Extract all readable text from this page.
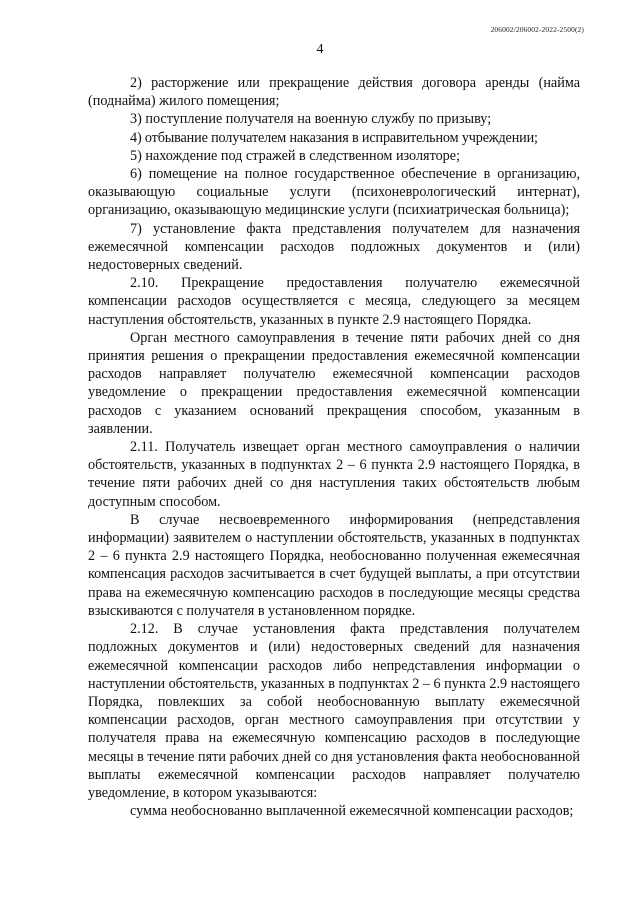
206002/206002-2022-2500(2)
4

2) расторжение или прекращение действия договора аренды (найма (поднайма) жилого помещения;

3) поступление получателя на военную службу по призыву;

4) отбывание получателем наказания в исправительном учреждении;

5) нахождение под стражей в следственном изоляторе;

6) помещение на полное государственное обеспечение в организацию, оказывающую социальные услуги (психоневрологический интернат), организацию, оказывающую медицинские услуги (психиатрическая больница);

7) установление факта представления получателем для назначения ежемесячной компенсации расходов подложных документов и (или) недостоверных сведений.

2.10. Прекращение предоставления получателю ежемесячной компенсации расходов осуществляется с месяца, следующего за месяцем наступления обстоятельств, указанных в пункте 2.9 настоящего Порядка.

Орган местного самоуправления в течение пяти рабочих дней со дня принятия решения о прекращении предоставления ежемесячной компенсации расходов направляет получателю ежемесячной компенсации расходов уведомление о прекращении предоставления ежемесячной компенсации расходов с указанием оснований прекращения способом, указанным в заявлении.

2.11. Получатель извещает орган местного самоуправления о наличии обстоятельств, указанных в подпунктах 2 – 6 пункта 2.9 настоящего Порядка, в течение пяти рабочих дней со дня наступления таких обстоятельств любым доступным способом.

В случае несвоевременного информирования (непредставления информации) заявителем о наступлении обстоятельств, указанных в подпунктах 2 – 6 пункта 2.9 настоящего Порядка, необоснованно полученная ежемесячная компенсация расходов засчитывается в счет будущей выплаты, а при отсутствии права на ежемесячную компенсацию расходов в последующие месяцы средства взыскиваются с получателя в установленном порядке.

2.12. В случае установления факта представления получателем подложных документов и (или) недостоверных сведений для назначения ежемесячной компенсации расходов либо непредставления информации о наступлении обстоятельств, указанных в подпунктах 2 – 6 пункта 2.9 настоящего Порядка, повлекших за собой необоснованную выплату ежемесячной компенсации расходов, орган местного самоуправления при отсутствии у получателя права на ежемесячную компенсацию расходов в последующие месяцы в течение пяти рабочих дней со дня установления факта необоснованной выплаты ежемесячной компенсации расходов направляет получателю уведомление, в котором указываются:

сумма необоснованно выплаченной ежемесячной компенсации расходов;
